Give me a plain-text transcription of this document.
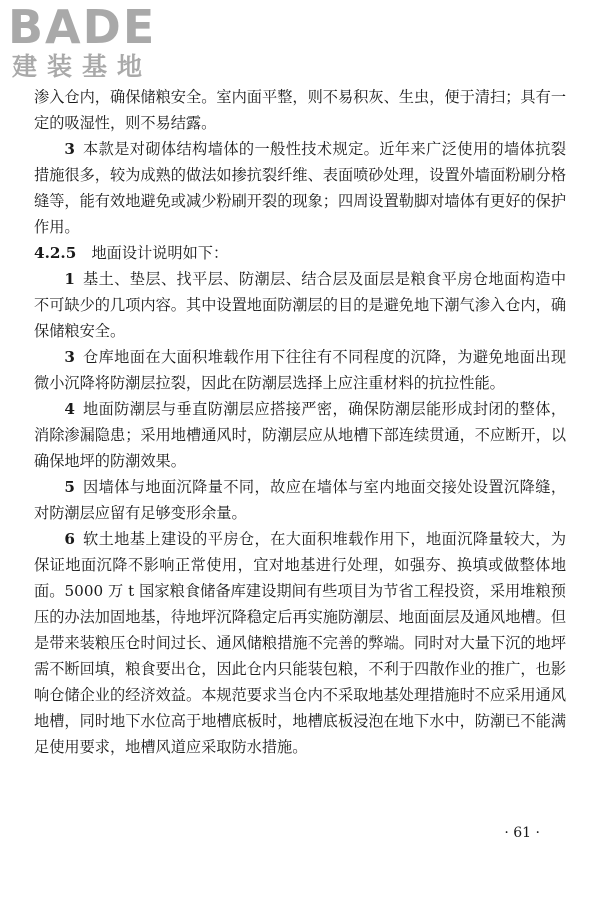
BADE
建装基地

渗入仓内，确保储粮安全。室内面平整，则不易积灰、生虫，便于清扫；具有一定的吸湿性，则不易结露。

3  本款是对砌体结构墙体的一般性技术规定。近年来广泛使用的墙体抗裂措施很多，较为成熟的做法如掺抗裂纤维、表面喷砂处理，设置外墙面粉刷分格缝等，能有效地避免或减少粉刷开裂的现象；四周设置勒脚对墙体有更好的保护作用。

4.2.5  地面设计说明如下：

1  基土、垫层、找平层、防潮层、结合层及面层是粮食平房仓地面构造中不可缺少的几项内容。其中设置地面防潮层的目的是避免地下潮气渗入仓内，确保储粮安全。

3  仓库地面在大面积堆载作用下往往有不同程度的沉降，为避免地面出现微小沉降将防潮层拉裂，因此在防潮层选择上应注重材料的抗拉性能。

4  地面防潮层与垂直防潮层应搭接严密，确保防潮层能形成封闭的整体，消除渗漏隐患；采用地槽通风时，防潮层应从地槽下部连续贯通，不应断开，以确保地坪的防潮效果。

5  因墙体与地面沉降量不同，故应在墙体与室内地面交接处设置沉降缝，对防潮层应留有足够变形余量。

6  软土地基上建设的平房仓，在大面积堆载作用下，地面沉降量较大，为保证地面沉降不影响正常使用，宜对地基进行处理，如强夯、换填或做整体地面。5000 万 t 国家粮食储备库建设期间有些项目为节省工程投资，采用堆粮预压的办法加固地基，待地坪沉降稳定后再实施防潮层、地面面层及通风地槽。但是带来装粮压仓时间过长、通风储粮措施不完善的弊端。同时对大量下沉的地坪需不断回填，粮食要出仓，因此仓内只能装包粮，不利于四散作业的推广，也影响仓储企业的经济效益。本规范要求当仓内不采取地基处理措施时不应采用通风地槽，同时地下水位高于地槽底板时，地槽底板浸泡在地下水中，防潮已不能满足使用要求，地槽风道应采取防水措施。

· 61 ·
